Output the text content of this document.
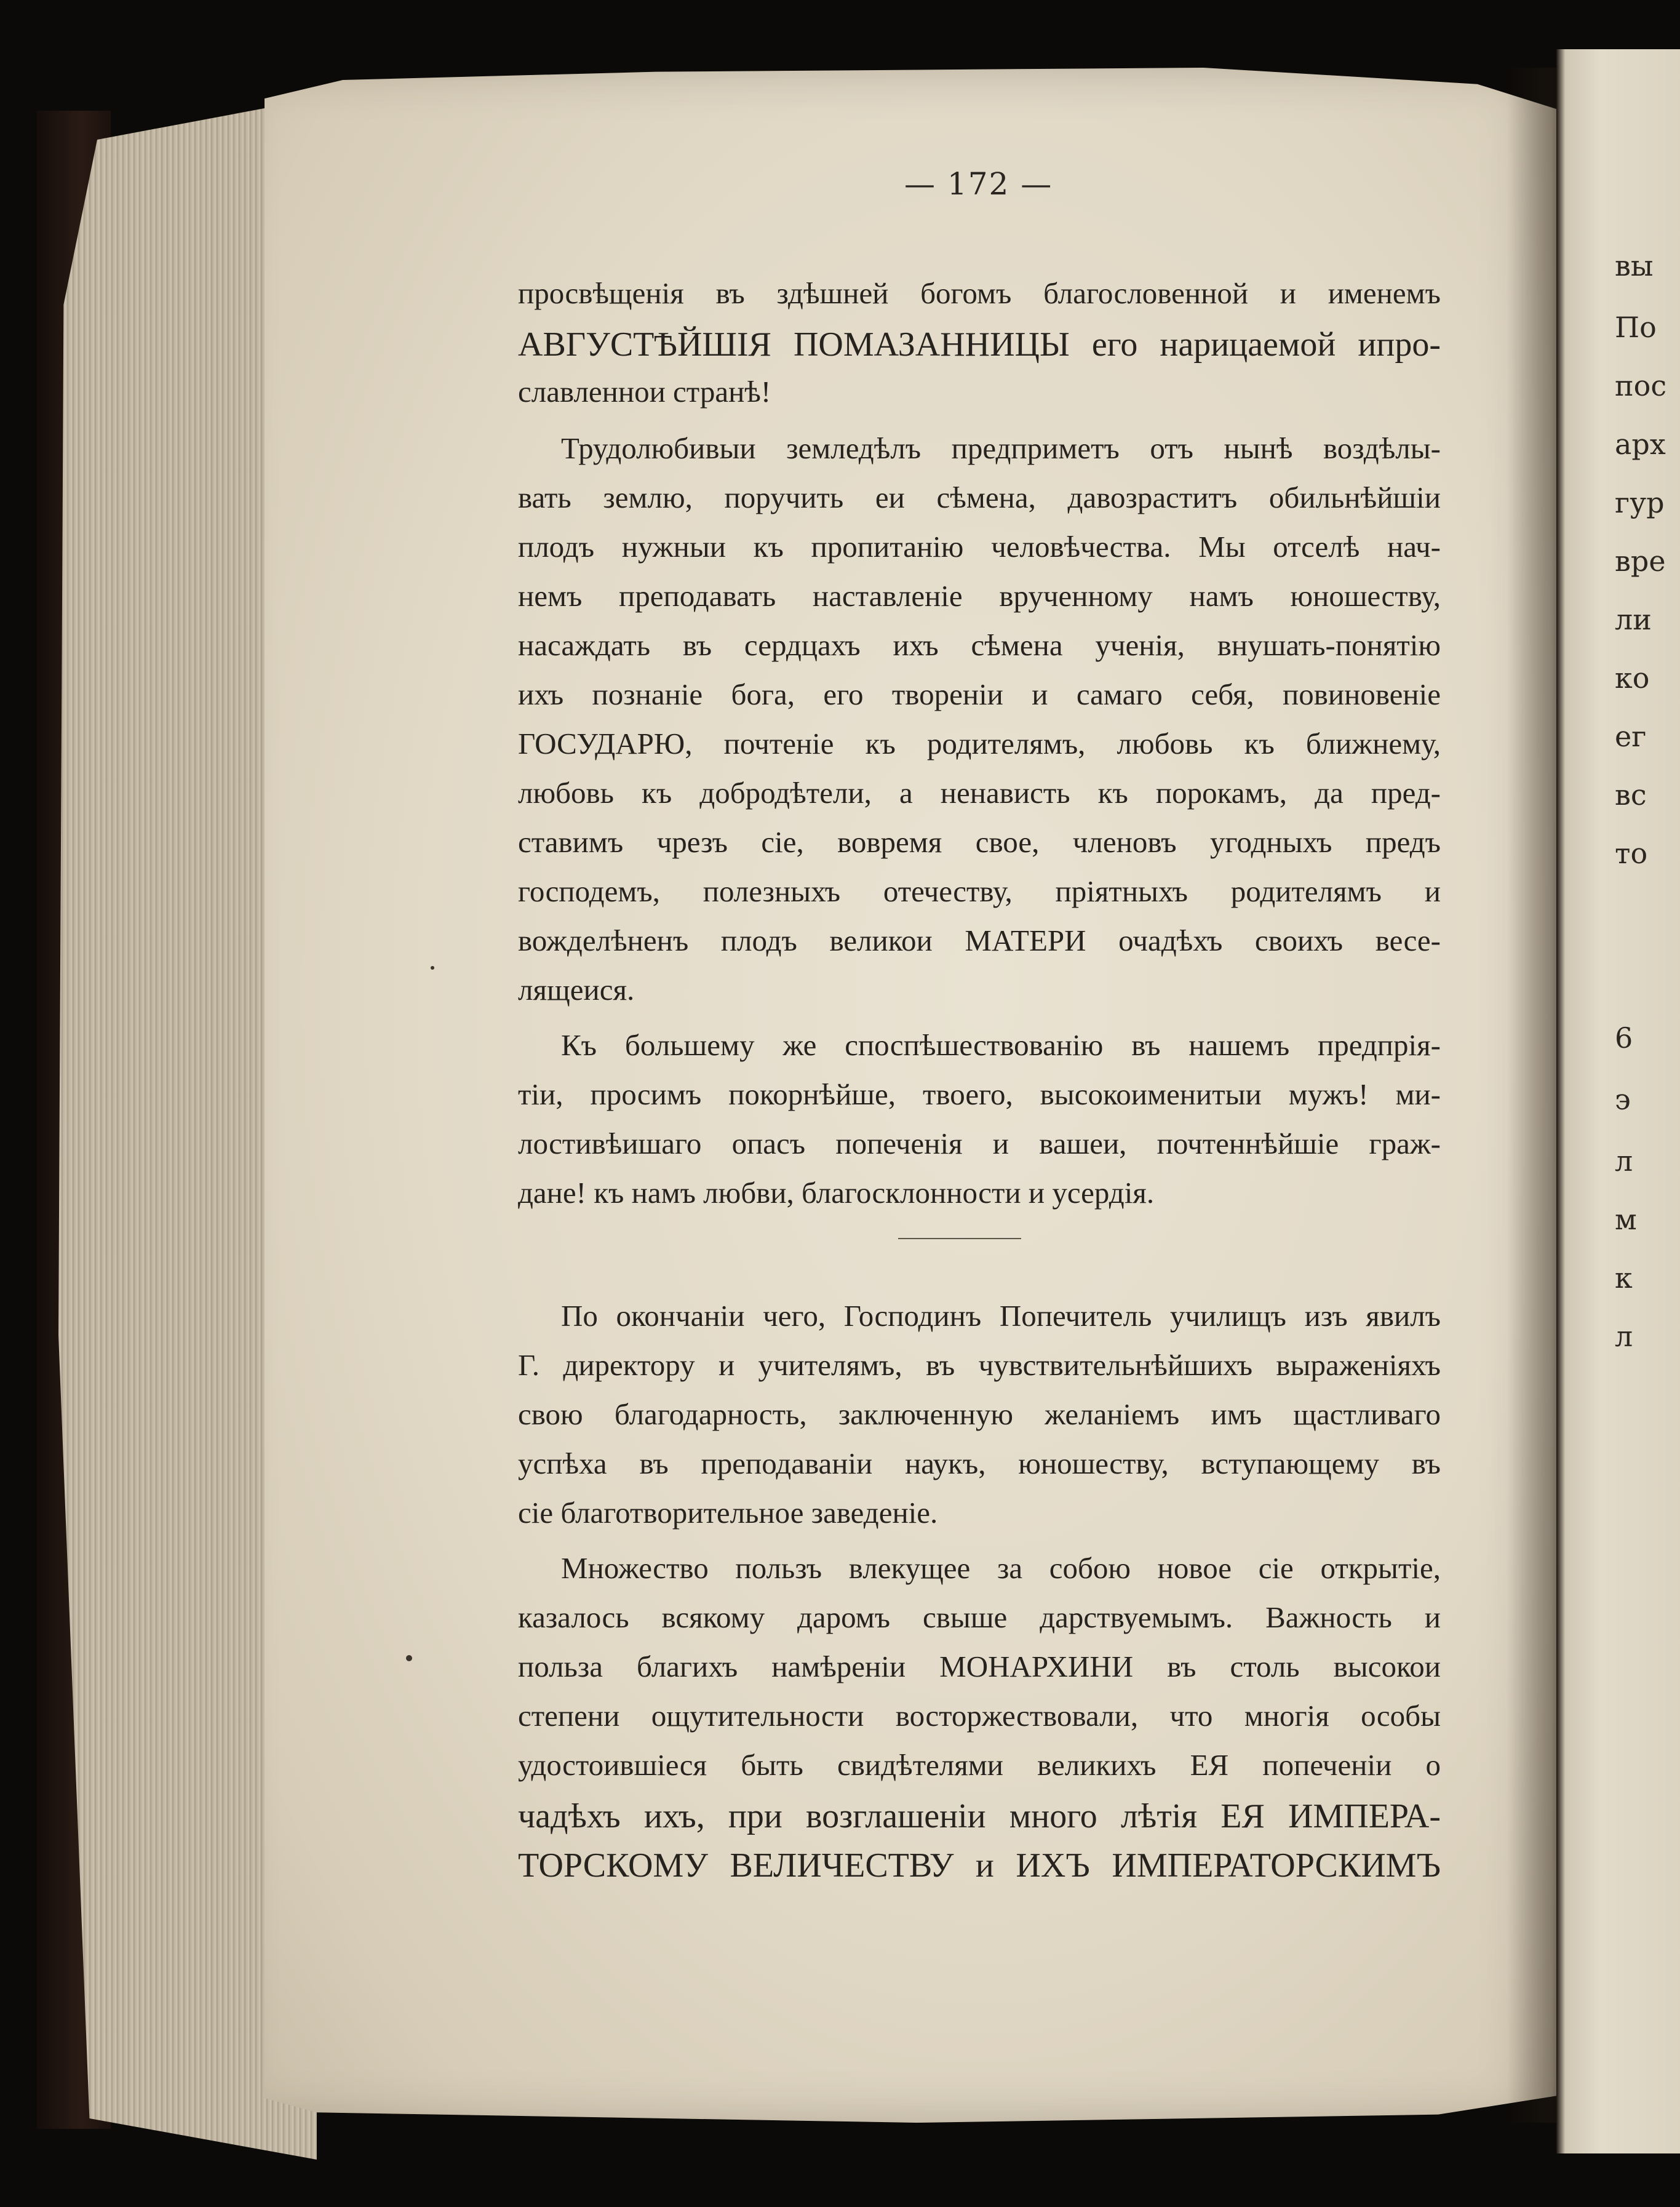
вы
По
пос
арх
гур
вре
ли
ко
ег
вс
то
6
э
л
м
к
л
— 172 —
просвѣщенія въ здѣшней богомъ благословенной и именемъ
АВГУСТѢЙШІЯ ПОМАЗАННИЦЫ его нарицаемой ипро-
славленнои странѣ!
Трудолюбивыи земледѣлъ предприметъ отъ нынѣ воздѣлы-
вать землю, поручить еи сѣмена, давозраститъ обильнѣйшіи
плодъ нужныи къ пропитанію человѣчества. Мы отселѣ нач-
немъ преподавать наставленіе врученному намъ юношеству,
насаждать въ сердцахъ ихъ сѣмена ученія, внушать-понятію
ихъ познаніе бога, его твореніи и самаго себя, повиновеніе
ГОСУДАРЮ, почтеніе къ родителямъ, любовь къ ближнему,
любовь къ добродѣтели, а ненависть къ порокамъ, да пред-
ставимъ чрезъ сіе, вовремя свое, членовъ угодныхъ предъ
господемъ, полезныхъ отечеству, пріятныхъ родителямъ и
вожделѣненъ плодъ великои МАТЕРИ очадѣхъ своихъ весе-
лящеися.
Къ большему же споспѣшествованію въ нашемъ предпрія-
тіи, просимъ покорнѣйше, твоего, высокоименитыи мужъ! ми-
лостивѣишаго опасъ попеченія и вашеи, почтеннѣйшіе граж-
дане! къ намъ любви, благосклонности и усердія.
По окончаніи чего, Господинъ Попечитель училищъ изъ явилъ
Г. директору и учителямъ, въ чувствительнѣйшихъ выраженіяхъ
свою благодарность, заключенную желаніемъ имъ щастливаго
успѣха въ преподаваніи наукъ, юношеству, вступающему въ
сіе благотворительное заведеніе.
Множество пользъ влекущее за собою новое сіе открытіе,
казалось всякому даромъ свыше дарствуемымъ. Важность и
польза благихъ намѣреніи МОНАРХИНИ въ столь высокои
степени ощутительности восторжествовали, что многія особы
удостоившіеся быть свидѣтелями великихъ ЕЯ попеченіи о
чадѣхъ ихъ, при возглашеніи много лѣтія ЕЯ ИМПЕРА-
ТОРСКОМУ ВЕЛИЧЕСТВУ и ИХЪ ИМПЕРАТОРСКИМЪ
